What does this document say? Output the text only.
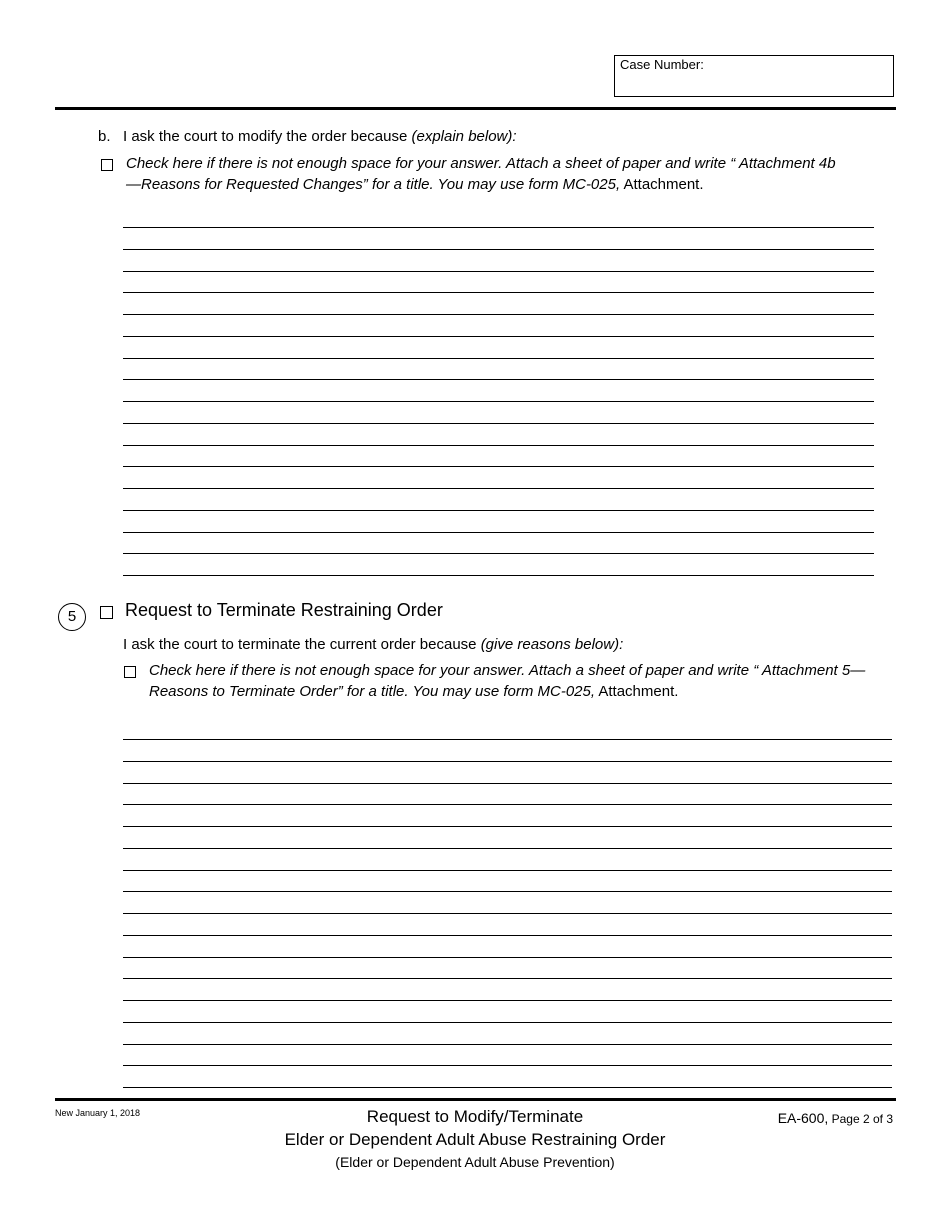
Case Number:
b. I ask the court to modify the order because (explain below):
Check here if there is not enough space for your answer. Attach a sheet of paper and write “ Attachment 4b
—Reasons for Requested Changes” for a title. You may use form MC-025, Attachment.
5	Request to Terminate Restraining Order
I ask the court to terminate the current order because (give reasons below):
Check here if there is not enough space for your answer. Attach a sheet of paper and write “ Attachment 5—
Reasons to Terminate Order” for a title. You may use form MC-025, Attachment.
New January 1, 2018	Request to Modify/Terminate
Elder or Dependent Adult Abuse Restraining Order
(Elder or Dependent Adult Abuse Prevention)
EA-600, Page 2 of 3
